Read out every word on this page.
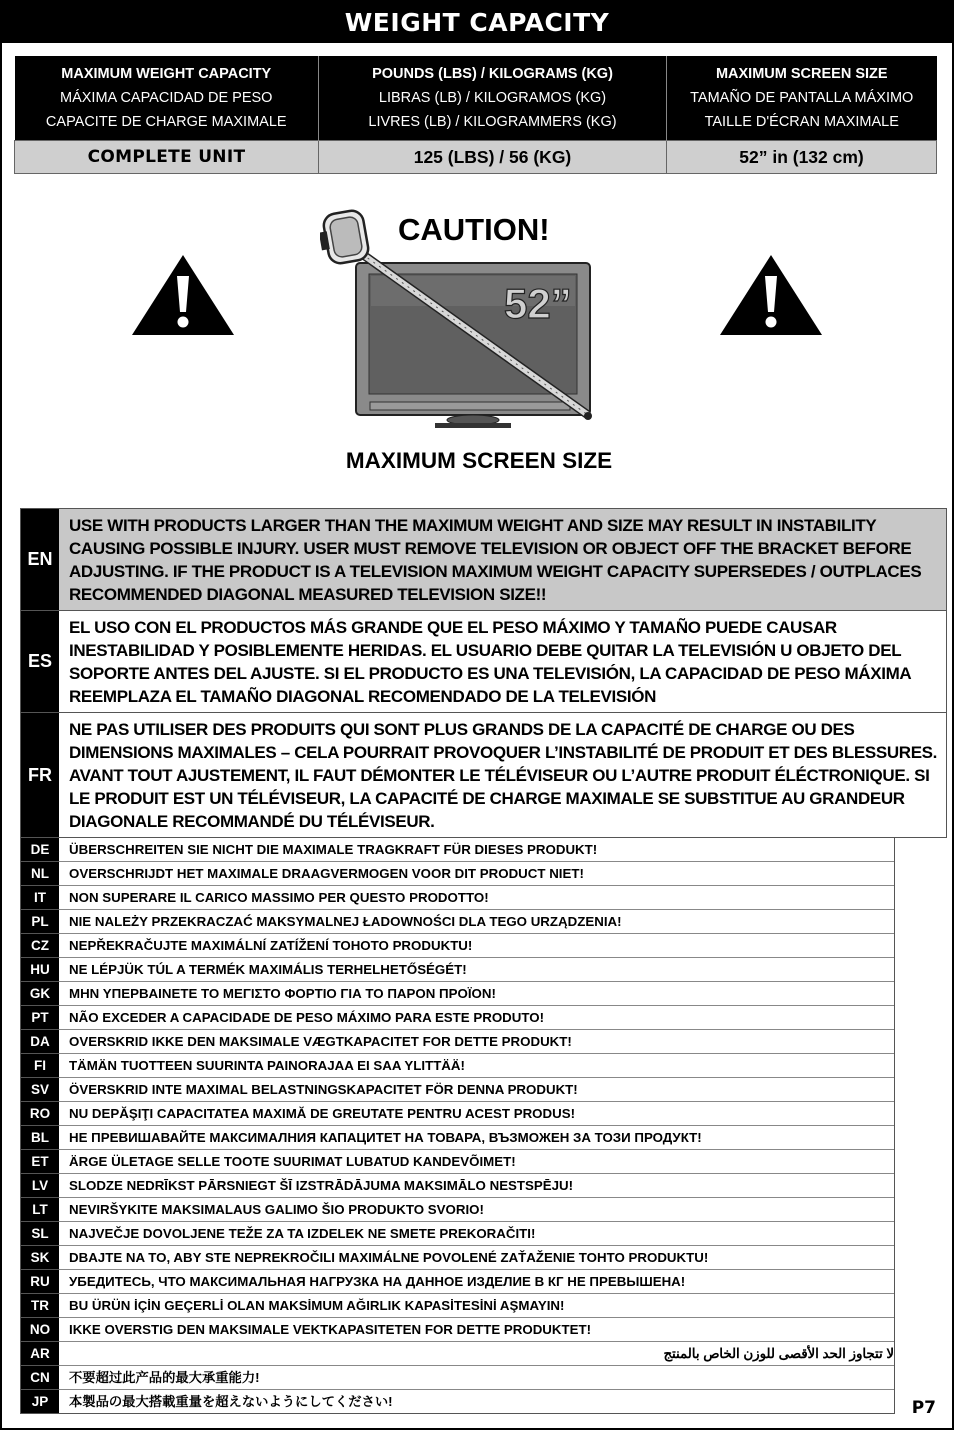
WEIGHT CAPACITY
MAXIMUM WEIGHT CAPACITY
MÁXIMA CAPACIDAD DE PESO
CAPACITE DE CHARGE MAXIMALE	POUNDS (LBS) / KILOGRAMS (KG)
LIBRAS (LB) / KILOGRAMOS (KG)
LIVRES (LB) / KILOGRAMMERS (KG)	MAXIMUM SCREEN SIZE
TAMAÑO DE PANTALLA MÁXIMO
TAILLE D'ÉCRAN MAXIMALE

COMPLETE UNIT	125 (LBS) / 56 (KG)	52” in (132 cm)
CAUTION!
52”
MAXIMUM SCREEN SIZE
EN
USE WITH PRODUCTS LARGER THAN THE MAXIMUM WEIGHT AND SIZE MAY RESULT IN INSTABILITY CAUSING POSSIBLE INJURY. USER MUST REMOVE TELEVISION OR OBJECT OFF THE BRACKET BEFORE ADJUSTING. IF THE PRODUCT IS A TELEVISION MAXIMUM WEIGHT CAPACITY SUPERSEDES / OUTPLACES RECOMMENDED DIAGONAL MEASURED TELEVISION SIZE!!
ES
EL USO CON EL PRODUCTOS MÁS GRANDE QUE EL PESO MÁXIMO Y TAMAÑO PUEDE CAUSAR INESTABILIDAD Y POSIBLEMENTE HERIDAS. EL USUARIO DEBE QUITAR LA TELEVISIÓN U OBJETO DEL SOPORTE ANTES DEL AJUSTE. SI EL PRODUCTO ES UNA TELEVISIÓN, LA CAPACIDAD DE PESO MÁXIMA REEMPLAZA EL TAMAÑO DIAGONAL RECOMENDADO DE LA TELEVISIÓN
FR
NE PAS UTILISER DES PRODUITS QUI SONT PLUS GRANDS DE LA CAPACITÉ DE CHARGE OU DES DIMENSIONS MAXIMALES – CELA POURRAIT PROVOQUER L’INSTABILITÉ DE PRODUIT ET DES BLESSURES. AVANT TOUT AJUSTEMENT, IL FAUT DÉMONTER LE TÉLÉVISEUR OU L’AUTRE PRODUIT ÉLÉCTRONIQUE. SI LE PRODUIT EST UN TÉLÉVISEUR, LA CAPACITÉ DE CHARGE MAXIMALE SE SUBSTITUE AU GRANDEUR DIAGONALE RECOMMANDÉ DU TÉLÉVISEUR.
DE	ÜBERSCHREITEN SIE NICHT DIE MAXIMALE TRAGKRAFT FÜR DIESES PRODUKT!
NL	OVERSCHRIJDT HET MAXIMALE DRAAGVERMOGEN VOOR DIT PRODUCT NIET!
IT	NON SUPERARE IL CARICO MASSIMO PER QUESTO PRODOTTO!
PL	NIE NALEŻY PRZEKRACZAĆ MAKSYMALNEJ ŁADOWNOŚCI DLA TEGO URZĄDZENIA!
CZ	NEPŘEKRAČUJTE MAXIMÁLNÍ ZATÍŽENÍ TOHOTO PRODUKTU!
HU	NE LÉPJÜK TÚL A TERMÉK MAXIMÁLIS TERHELHETŐSÉGÉT!
GK	ΜΗΝ ΥΠΕΡΒΑΙΝΕΤΕ ΤΟ ΜΕΓΙΣΤΟ ΦΟΡΤΙΟ ΓΙΑ ΤΟ ΠΑΡΟΝ ΠΡΟΪΟΝ!
PT	NÃO EXCEDER A CAPACIDADE DE PESO MÁXIMO PARA ESTE PRODUTO!
DA	OVERSKRID IKKE DEN MAKSIMALE VÆGTKAPACITET FOR DETTE PRODUKT!
FI	TÄMÄN TUOTTEEN SUURINTA PAINORAJAA EI SAA YLITTÄÄ!
SV	ÖVERSKRID INTE MAXIMAL BELASTNINGSKAPACITET FÖR DENNA PRODUKT!
RO	NU DEPĂŞIŢI CAPACITATEA MAXIMĂ DE GREUTATE PENTRU ACEST PRODUS!
BL	НЕ ПРЕВИШАВАЙТЕ МАКСИМАЛНИЯ КАПАЦИТЕТ НА ТОВАРА, ВЪЗМОЖЕН ЗА ТОЗИ ПРОДУКТ!
ET	ÄRGE ÜLETAGE SELLE TOOTE SUURIMAT LUBATUD KANDEVÕIMET!
LV	SLODZE NEDRĪKST PĀRSNIEGT ŠĪ IZSTRĀDĀJUMA MAKSIMĀLO NESTSPĒJU!
LT	NEVIRŠYKITE MAKSIMALAUS GALIMO ŠIO PRODUKTO SVORIO!
SL	NAJVEČJE DOVOLJENE TEŽE ZA TA IZDELEK NE SMETE PREKORAČITI!
SK	DBAJTE NA TO, ABY STE NEPREKROČILI MAXIMÁLNE POVOLENÉ ZAŤAŽENIE TOHTO PRODUKTU!
RU	УБЕДИТЕСЬ, ЧТО МАКСИМАЛЬНАЯ НАГРУЗКА НА ДАННОЕ ИЗДЕЛИЕ В КГ НЕ ПРЕВЫШЕНА!
TR	BU ÜRÜN İÇİN GEÇERLİ OLAN MAKSİMUM AĞIRLIK KAPASİTESİNİ AŞMAYIN!
NO	IKKE OVERSTIG DEN MAKSIMALE VEKTKAPASITETEN FOR DETTE PRODUKTET!
AR	لا تتجاوز الحد الأقصى للوزن الخاص بالمنتج
CN	不要超过此产品的最大承重能力!
JP	本製品の最大搭載重量を超えないようにしてください!	P7
